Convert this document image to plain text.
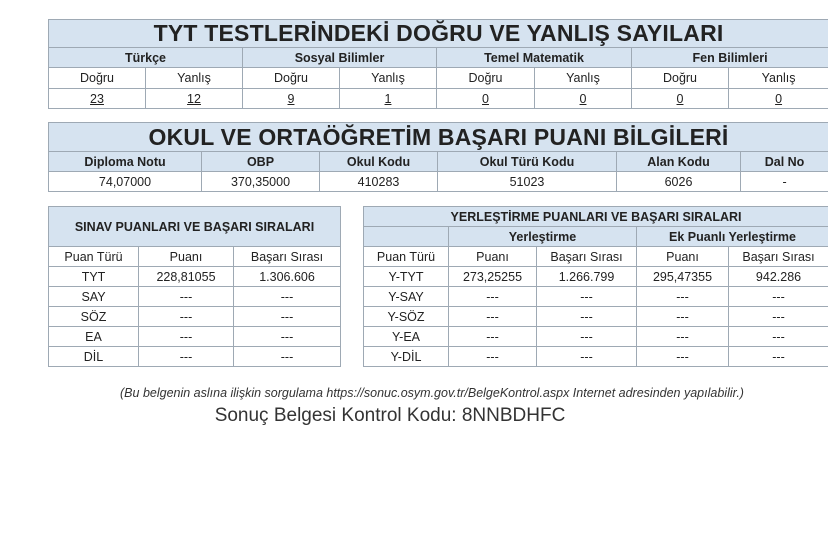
TYT TESTLERİNDEKİ DOĞRU VE YANLIŞ SAYILARI							
Türkçe		Sosyal Bilimler		Temel Matematik		Fen Bilimleri	
Doğru	Yanlış	Doğru	Yanlış	Doğru	Yanlış	Doğru	Yanlış
23	12	9	1	0	0	0	0
OKUL VE ORTAÖĞRETİM BAŞARI PUANI BİLGİLERİ					
Diploma Notu	OBP	Okul Kodu	Okul Türü Kodu	Alan Kodu	Dal No
74,07000	370,35000	410283	51023	6026	-
SINAV PUANLARI VE BAŞARI SIRALARI		
Puan Türü	Puanı	Başarı Sırası
TYT	228,81055	1.306.606
SAY	---	---
SÖZ	---	---
EA	---	---
DİL	---	---
YERLEŞTİRME PUANLARI VE BAŞARI SIRALARI				
	Yerleştirme		Ek Puanlı Yerleştirme	
Puan Türü	Puanı	Başarı Sırası	Puanı	Başarı Sırası
Y-TYT	273,25255	1.266.799	295,47355	942.286
Y-SAY	---	---	---	---
Y-SÖZ	---	---	---	---
Y-EA	---	---	---	---
Y-DİL	---	---	---	---
(Bu belgenin aslına ilişkin sorgulama https://sonuc.osym.gov.tr/BelgeKontrol.aspx Internet adresinden yapılabilir.)
Sonuç Belgesi Kontrol Kodu: 8NNBDHFC
